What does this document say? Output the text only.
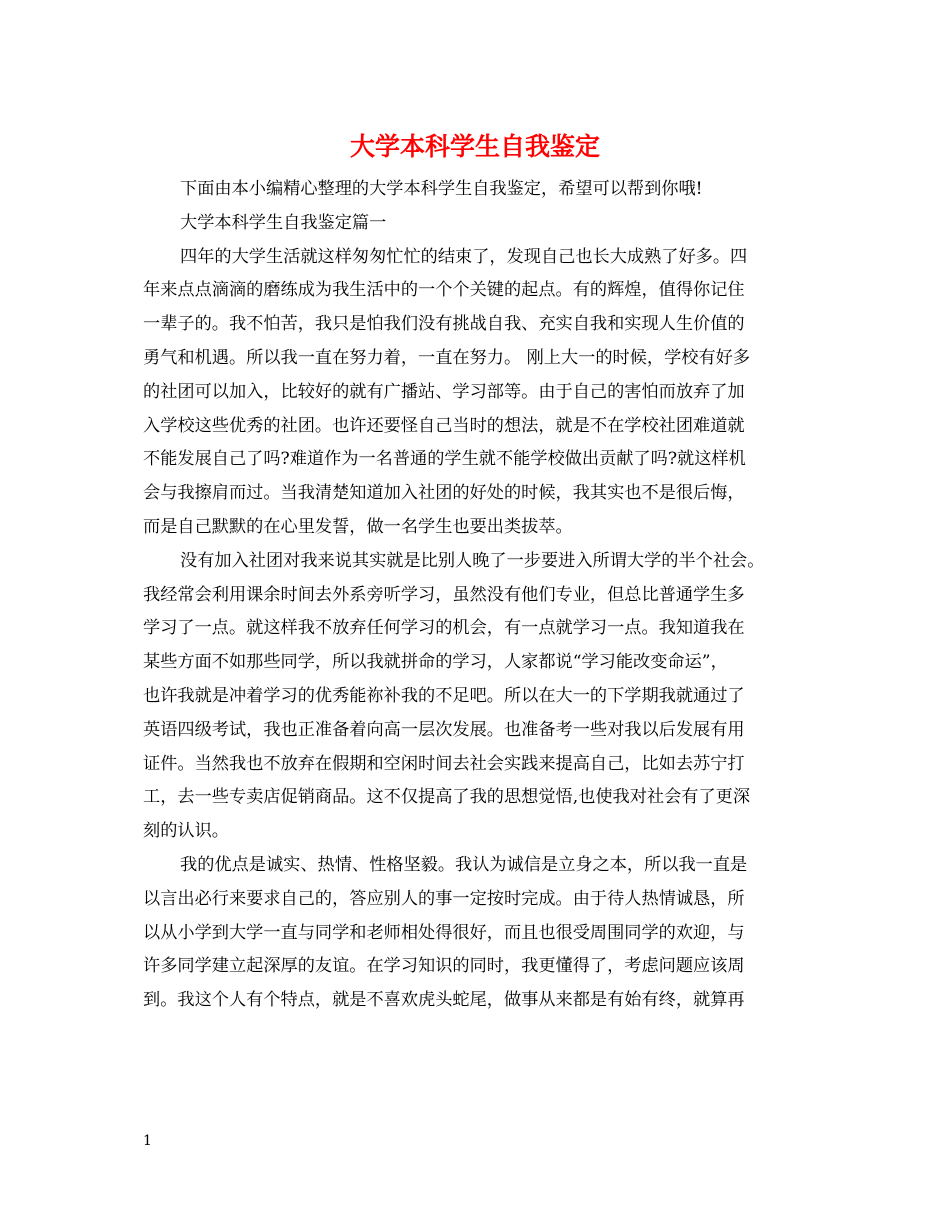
大学本科学生自我鉴定
下面由本小编精心整理的大学本科学生自我鉴定，希望可以帮到你哦!
大学本科学生自我鉴定篇一
四年的大学生活就这样匆匆忙忙的结束了，发现自己也长大成熟了好多。四
年来点点滴滴的磨练成为我生活中的一个个关键的起点。有的辉煌，值得你记住
一辈子的。我不怕苦，我只是怕我们没有挑战自我、充实自我和实现人生价值的
勇气和机遇。所以我一直在努力着，一直在努力。 刚上大一的时候，学校有好多
的社团可以加入，比较好的就有广播站、学习部等。由于自己的害怕而放弃了加
入学校这些优秀的社团。也许还要怪自己当时的想法，就是不在学校社团难道就
不能发展自己了吗?难道作为一名普通的学生就不能学校做出贡献了吗?就这样机
会与我擦肩而过。当我清楚知道加入社团的好处的时候，我其实也不是很后悔，
而是自己默默的在心里发誓，做一名学生也要出类拔萃。
没有加入社团对我来说其实就是比别人晚了一步要进入所谓大学的半个社会。
我经常会利用课余时间去外系旁听学习，虽然没有他们专业，但总比普通学生多
学习了一点。就这样我不放弃任何学习的机会，有一点就学习一点。我知道我在
某些方面不如那些同学，所以我就拼命的学习，人家都说“学习能改变命运”，
也许我就是冲着学习的优秀能祢补我的不足吧。所以在大一的下学期我就通过了
英语四级考试，我也正准备着向高一层次发展。也准备考一些对我以后发展有用
证件。当然我也不放弃在假期和空闲时间去社会实践来提高自己，比如去苏宁打
工，去一些专卖店促销商品。这不仅提高了我的思想觉悟,也使我对社会有了更深
刻的认识。
我的优点是诚实、热情、性格坚毅。我认为诚信是立身之本，所以我一直是
以言出必行来要求自己的，答应别人的事一定按时完成。由于待人热情诚恳，所
以从小学到大学一直与同学和老师相处得很好，而且也很受周围同学的欢迎，与
许多同学建立起深厚的友谊。在学习知识的同时，我更懂得了，考虑问题应该周
到。我这个人有个特点，就是不喜欢虎头蛇尾，做事从来都是有始有终，就算再
1
